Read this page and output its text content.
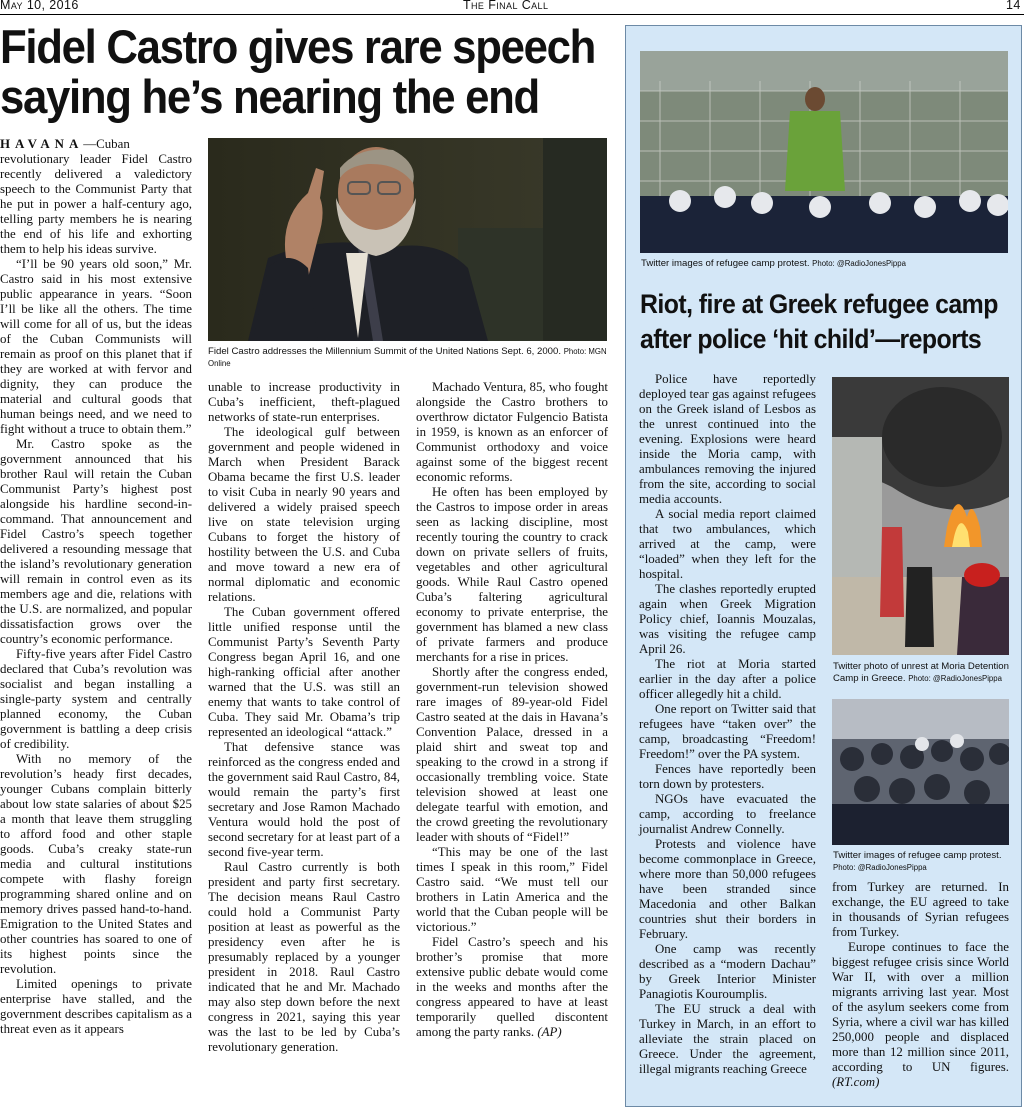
May 10, 2016	The Final Call	14
Fidel Castro gives rare speech
saying he’s nearing the end

HAVANA—Cuban revolutionary leader Fidel Castro recently delivered a valedictory speech to the Communist Party that he put in power a half-century ago, telling party members he is nearing the end of his life and exhorting them to help his ideas survive.

“I’ll be 90 years old soon,” Mr. Castro said in his most extensive public appearance in years. “Soon I’ll be like all the others. The time will come for all of us, but the ideas of the Cuban Communists will remain as proof on this planet that if they are worked at with fervor and dignity, they can produce the material and cultural goods that human beings need, and we need to fight without a truce to obtain them.”

Mr. Castro spoke as the government announced that his brother Raul will retain the Cuban Communist Party’s highest post alongside his hardline second-in-command. That announcement and Fidel Castro’s speech together delivered a resounding message that the island’s revolutionary generation will remain in control even as its members age and die, relations with the U.S. are normalized, and popular dissatisfaction grows over the country’s economic performance.

Fifty-five years after Fidel Castro declared that Cuba’s revolution was socialist and began installing a single-party system and centrally planned economy, the Cuban government is battling a deep crisis of credibility.

With no memory of the revolution’s heady first decades, younger Cubans complain bitterly about low state salaries of about $25 a month that leave them struggling to afford food and other staple goods. Cuba’s creaky state-run media and cultural institutions compete with flashy foreign programming shared online and on memory drives passed hand-to-hand. Emigration to the United States and other countries has soared to one of its highest points since the revolution.

Limited openings to private enterprise have stalled, and the government describes capitalism as a threat even as it appears

Fidel Castro addresses the Millennium Summit of the United Nations Sept. 6, 2000. Photo: MGN Online

unable to increase productivity in Cuba’s inefficient, theft-plagued networks of state-run enterprises.

The ideological gulf between government and people widened in March when President Barack Obama became the first U.S. leader to visit Cuba in nearly 90 years and delivered a widely praised speech live on state television urging Cubans to forget the history of hostility between the U.S. and Cuba and move toward a new era of normal diplomatic and economic relations.

The Cuban government offered little unified response until the Communist Party’s Seventh Party Congress began April 16, and one high-ranking official after another warned that the U.S. was still an enemy that wants to take control of Cuba. They said Mr. Obama’s trip represented an ideological “attack.”

That defensive stance was reinforced as the congress ended and the government said Raul Castro, 84, would remain the party’s first secretary and Jose Ramon Machado Ventura would hold the post of second secretary for at least part of a second five-year term.

Raul Castro currently is both president and party first secretary. The decision means Raul Castro could hold a Communist Party position at least as powerful as the presidency even after he is presumably replaced by a younger president in 2018. Raul Castro indicated that he and Mr. Machado may also step down before the next congress in 2021, saying this year was the last to be led by Cuba’s revolutionary generation.

Machado Ventura, 85, who fought alongside the Castro brothers to overthrow dictator Fulgencio Batista in 1959, is known as an enforcer of Communist orthodoxy and voice against some of the biggest recent economic reforms.

He often has been employed by the Castros to impose order in areas seen as lacking discipline, most recently touring the country to crack down on private sellers of fruits, vegetables and other agricultural goods. While Raul Castro opened Cuba’s faltering agricultural economy to private enterprise, the government has blamed a new class of private farmers and produce merchants for a rise in prices.

Shortly after the congress ended, government-run television showed rare images of 89-year-old Fidel Castro seated at the dais in Havana’s Convention Palace, dressed in a plaid shirt and sweat top and speaking to the crowd in a strong if occasionally trembling voice. State television showed at least one delegate tearful with emotion, and the crowd greeting the revolutionary leader with shouts of “Fidel!”

“This may be one of the last times I speak in this room,” Fidel Castro said. “We must tell our brothers in Latin America and the world that the Cuban people will be victorious.”

Fidel Castro’s speech and his brother’s promise that more extensive public debate would come in the weeks and months after the congress appeared to have at least temporarily quelled discontent among the party ranks. (AP)

Twitter images of refugee camp protest. Photo: @RadioJonesPippa
Riot, fire at Greek refugee camp
after police ‘hit child’—reports

Police have reportedly deployed tear gas against refugees on the Greek island of Lesbos as the unrest continued into the evening. Explosions were heard inside the Moria camp, with ambulances removing the injured from the site, according to social media accounts.

A social media report claimed that two ambulances, which arrived at the camp, were “loaded” when they left for the hospital.

The clashes reportedly erupted again when Greek Migration Policy chief, Ioannis Mouzalas, was visiting the refugee camp April 26.

The riot at Moria started earlier in the day after a police officer allegedly hit a child.

One report on Twitter said that refugees have “taken over” the camp, broadcasting “Freedom! Freedom!” over the PA system.

Fences have reportedly been torn down by protesters.

NGOs have evacuated the camp, according to freelance journalist Andrew Connelly.

Protests and violence have become commonplace in Greece, where more than 50,000 refugees have been stranded since Macedonia and other Balkan countries shut their borders in February.

One camp was recently described as a “modern Dachau” by Greek Interior Minister Panagiotis Kouroumplis.

The EU struck a deal with Turkey in March, in an effort to alleviate the strain placed on Greece. Under the agreement, illegal migrants reaching Greece

Twitter photo of unrest at Moria Detention Camp in Greece. Photo: @RadioJonesPippa
Twitter images of refugee camp protest. Photo: @RadioJonesPippa

from Turkey are returned. In exchange, the EU agreed to take in thousands of Syrian refugees from Turkey.

Europe continues to face the biggest refugee crisis since World War II, with over a million migrants arriving last year. Most of the asylum seekers come from Syria, where a civil war has killed 250,000 people and displaced more than 12 million since 2011, according to UN figures. (RT.com)
